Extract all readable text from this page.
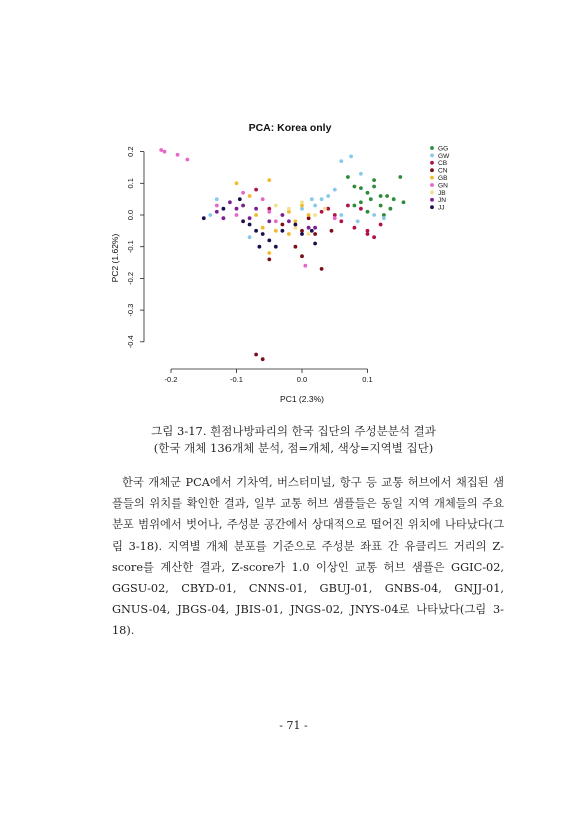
PCA: Korea only
-0.2	-0.1	0.0	0.1
0.2
0.1
0.0
-0.1
-0.2
-0.3
-0.4
PC1 (2.3%)
PC2 (1.62%)
GG
GW
CB
CN
GB
GN
JB
JN
JJ
그림 3-17. 흰점나방파리의 한국 집단의 주성분분석 결과
(한국 개체 136개체 분석, 점=개체, 색상=지역별 집단)

한국 개체군 PCA에서 기차역, 버스터미널, 항구 등 교통 허브에서 채집된 샘플들의 위치를 확인한 결과, 일부 교통 허브 샘플들은 동일 지역 개체들의 주요 분포 범위에서 벗어나, 주성분 공간에서 상대적으로 떨어진 위치에 나타났다(그림 3-18). 지역별 개체 분포를 기준으로 주성분 좌표 간 유클리드 거리의 Z-score를 계산한 결과, Z-score가 1.0 이상인 교통 허브 샘플은 GGIC-02, GGSU-02, CBYD-01, CNNS-01, GBUJ-01, GNBS-04, GNJJ-01, GNUS-04, JBGS-04, JBIS-01, JNGS-02, JNYS-04로 나타났다(그림 3-18).

- 71 -
